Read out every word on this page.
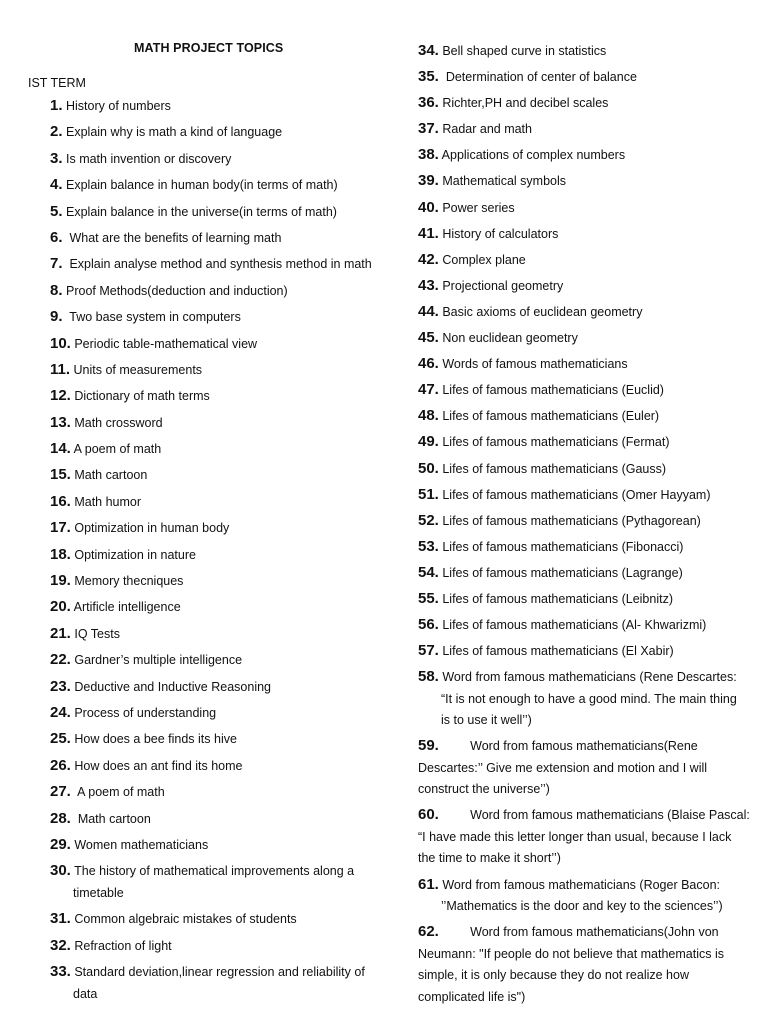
MATH PROJECT TOPICS
IST TERM
1. History of numbers
2. Explain why is math a kind of language
3. Is math invention or discovery
4. Explain balance in human body(in terms of math)
5. Explain balance in the universe(in terms of math)
6.  What are the benefits of learning math
7.  Explain analyse method and synthesis method in math
8. Proof Methods(deduction and induction)
9.  Two base system in computers
10. Periodic table-mathematical view
11. Units of measurements
12. Dictionary of math terms
13. Math crossword
14. A poem of math
15. Math cartoon
16. Math humor
17. Optimization in human body
18. Optimization in nature
19. Memory thecniques
20. Artificle intelligence
21. IQ Tests
22. Gardner’s multiple intelligence
23. Deductive and Inductive Reasoning
24. Process of understanding
25. How does a bee finds its hive
26. How does an ant find its home
27.  A poem of math
28.  Math cartoon
29. Women mathematicians
30. The history of mathematical improvements along a
timetable
31. Common algebraic mistakes of students
32. Refraction of light
33. Standard deviation,linear regression and reliability of
data
34. Bell shaped curve in statistics
35.  Determination of center of balance
36. Richter,PH and decibel scales
37. Radar and math
38. Applications of complex numbers
39. Mathematical symbols
40. Power series
41. History of calculators
42. Complex plane
43. Projectional geometry
44. Basic axioms of euclidean geometry
45. Non euclidean geometry
46. Words of famous mathematicians
47. Lifes of famous mathematicians (Euclid)
48. Lifes of famous mathematicians (Euler)
49. Lifes of famous mathematicians (Fermat)
50. Lifes of famous mathematicians (Gauss)
51. Lifes of famous mathematicians (Omer Hayyam)
52. Lifes of famous mathematicians (Pythagorean)
53. Lifes of famous mathematicians (Fibonacci)
54. Lifes of famous mathematicians (Lagrange)
55. Lifes of famous mathematicians (Leibnitz)
56. Lifes of famous mathematicians (Al- Khwarizmi)
57. Lifes of famous mathematicians (El Xabir)
58. Word from famous mathematicians (Rene Descartes:
“It is not enough to have a good mind. The main thing
is to use it well’’)
59.         Word from famous mathematicians(Rene
Descartes:’’ Give me extension and motion and I will
construct the universe’’)
60.         Word from famous mathematicians (Blaise Pascal:
“I have made this letter longer than usual, because I lack
the time to make it short’’)
61. Word from famous mathematicians (Roger Bacon:
’’Mathematics is the door and key to the sciences’’)
62.         Word from famous mathematicians(John von
Neumann: "If people do not believe that mathematics is
simple, it is only because they do not realize how
complicated life is")
